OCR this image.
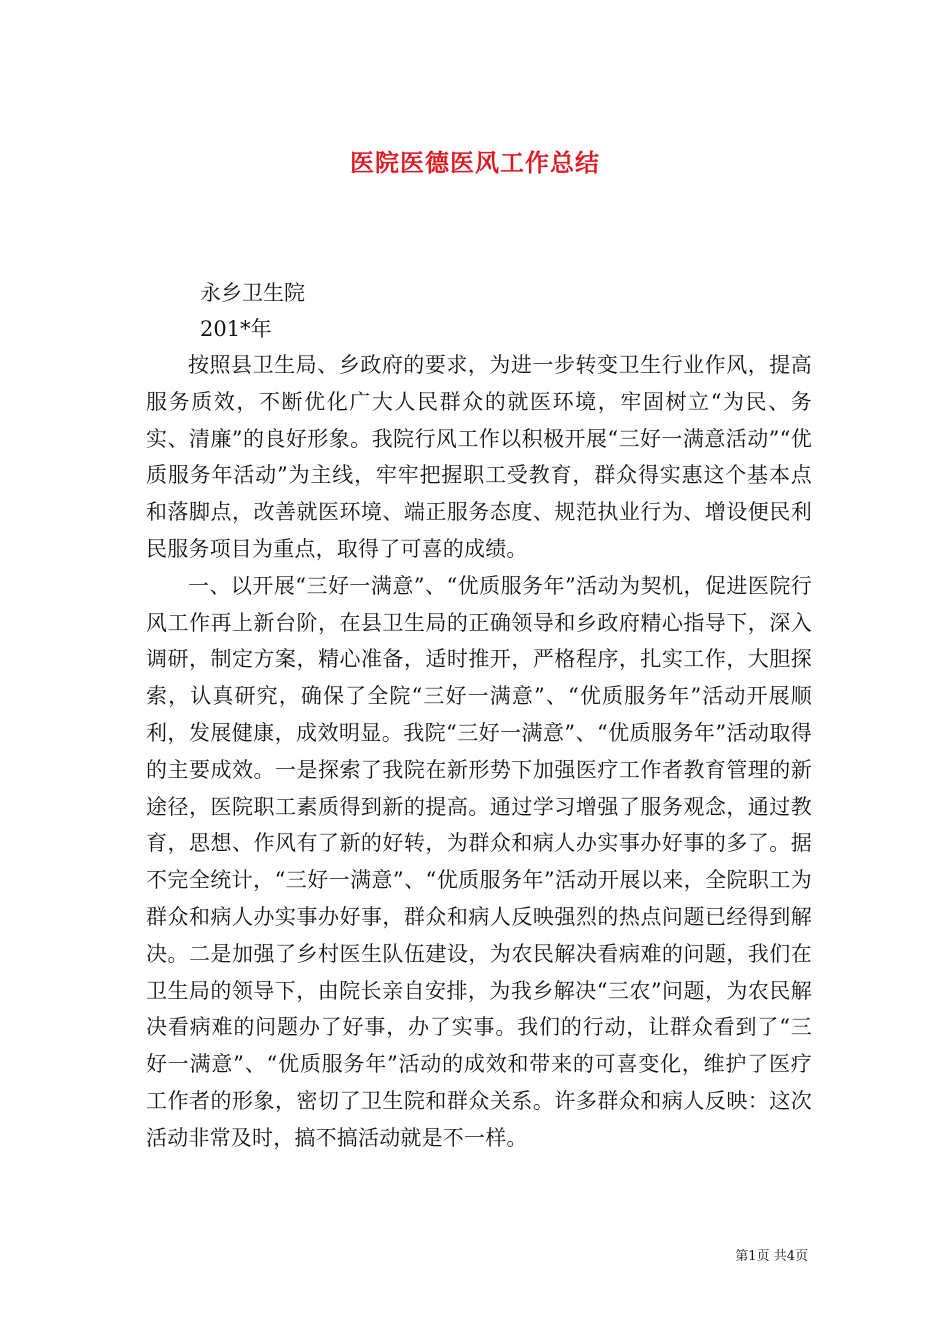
医院医德医风工作总结

永乡卫生院

201*年

按照县卫生局、乡政府的要求，为进一步转变卫生行业作风，提高服务质效，不断优化广大人民群众的就医环境，牢固树立“为民、务实、清廉”的良好形象。我院行风工作以积极开展“三好一满意活动”“优质服务年活动”为主线，牢牢把握职工受教育，群众得实惠这个基本点和落脚点，改善就医环境、端正服务态度、规范执业行为、增设便民利民服务项目为重点，取得了可喜的成绩。

一、以开展“三好一满意”、“优质服务年”活动为契机，促进医院行风工作再上新台阶，在县卫生局的正确领导和乡政府精心指导下，深入调研，制定方案，精心准备，适时推开，严格程序，扎实工作，大胆探索，认真研究，确保了全院“三好一满意”、“优质服务年”活动开展顺利，发展健康，成效明显。我院“三好一满意”、“优质服务年”活动取得的主要成效。一是探索了我院在新形势下加强医疗工作者教育管理的新途径，医院职工素质得到新的提高。通过学习增强了服务观念，通过教育，思想、作风有了新的好转，为群众和病人办实事办好事的多了。据不完全统计，“三好一满意”、“优质服务年”活动开展以来，全院职工为群众和病人办实事办好事，群众和病人反映强烈的热点问题已经得到解决。二是加强了乡村医生队伍建设，为农民解决看病难的问题，我们在卫生局的领导下，由院长亲自安排，为我乡解决“三农”问题，为农民解决看病难的问题办了好事，办了实事。我们的行动，让群众看到了“三好一满意”、“优质服务年”活动的成效和带来的可喜变化，维护了医疗工作者的形象，密切了卫生院和群众关系。许多群众和病人反映：这次活动非常及时，搞不搞活动就是不一样。

第1页 共4页
